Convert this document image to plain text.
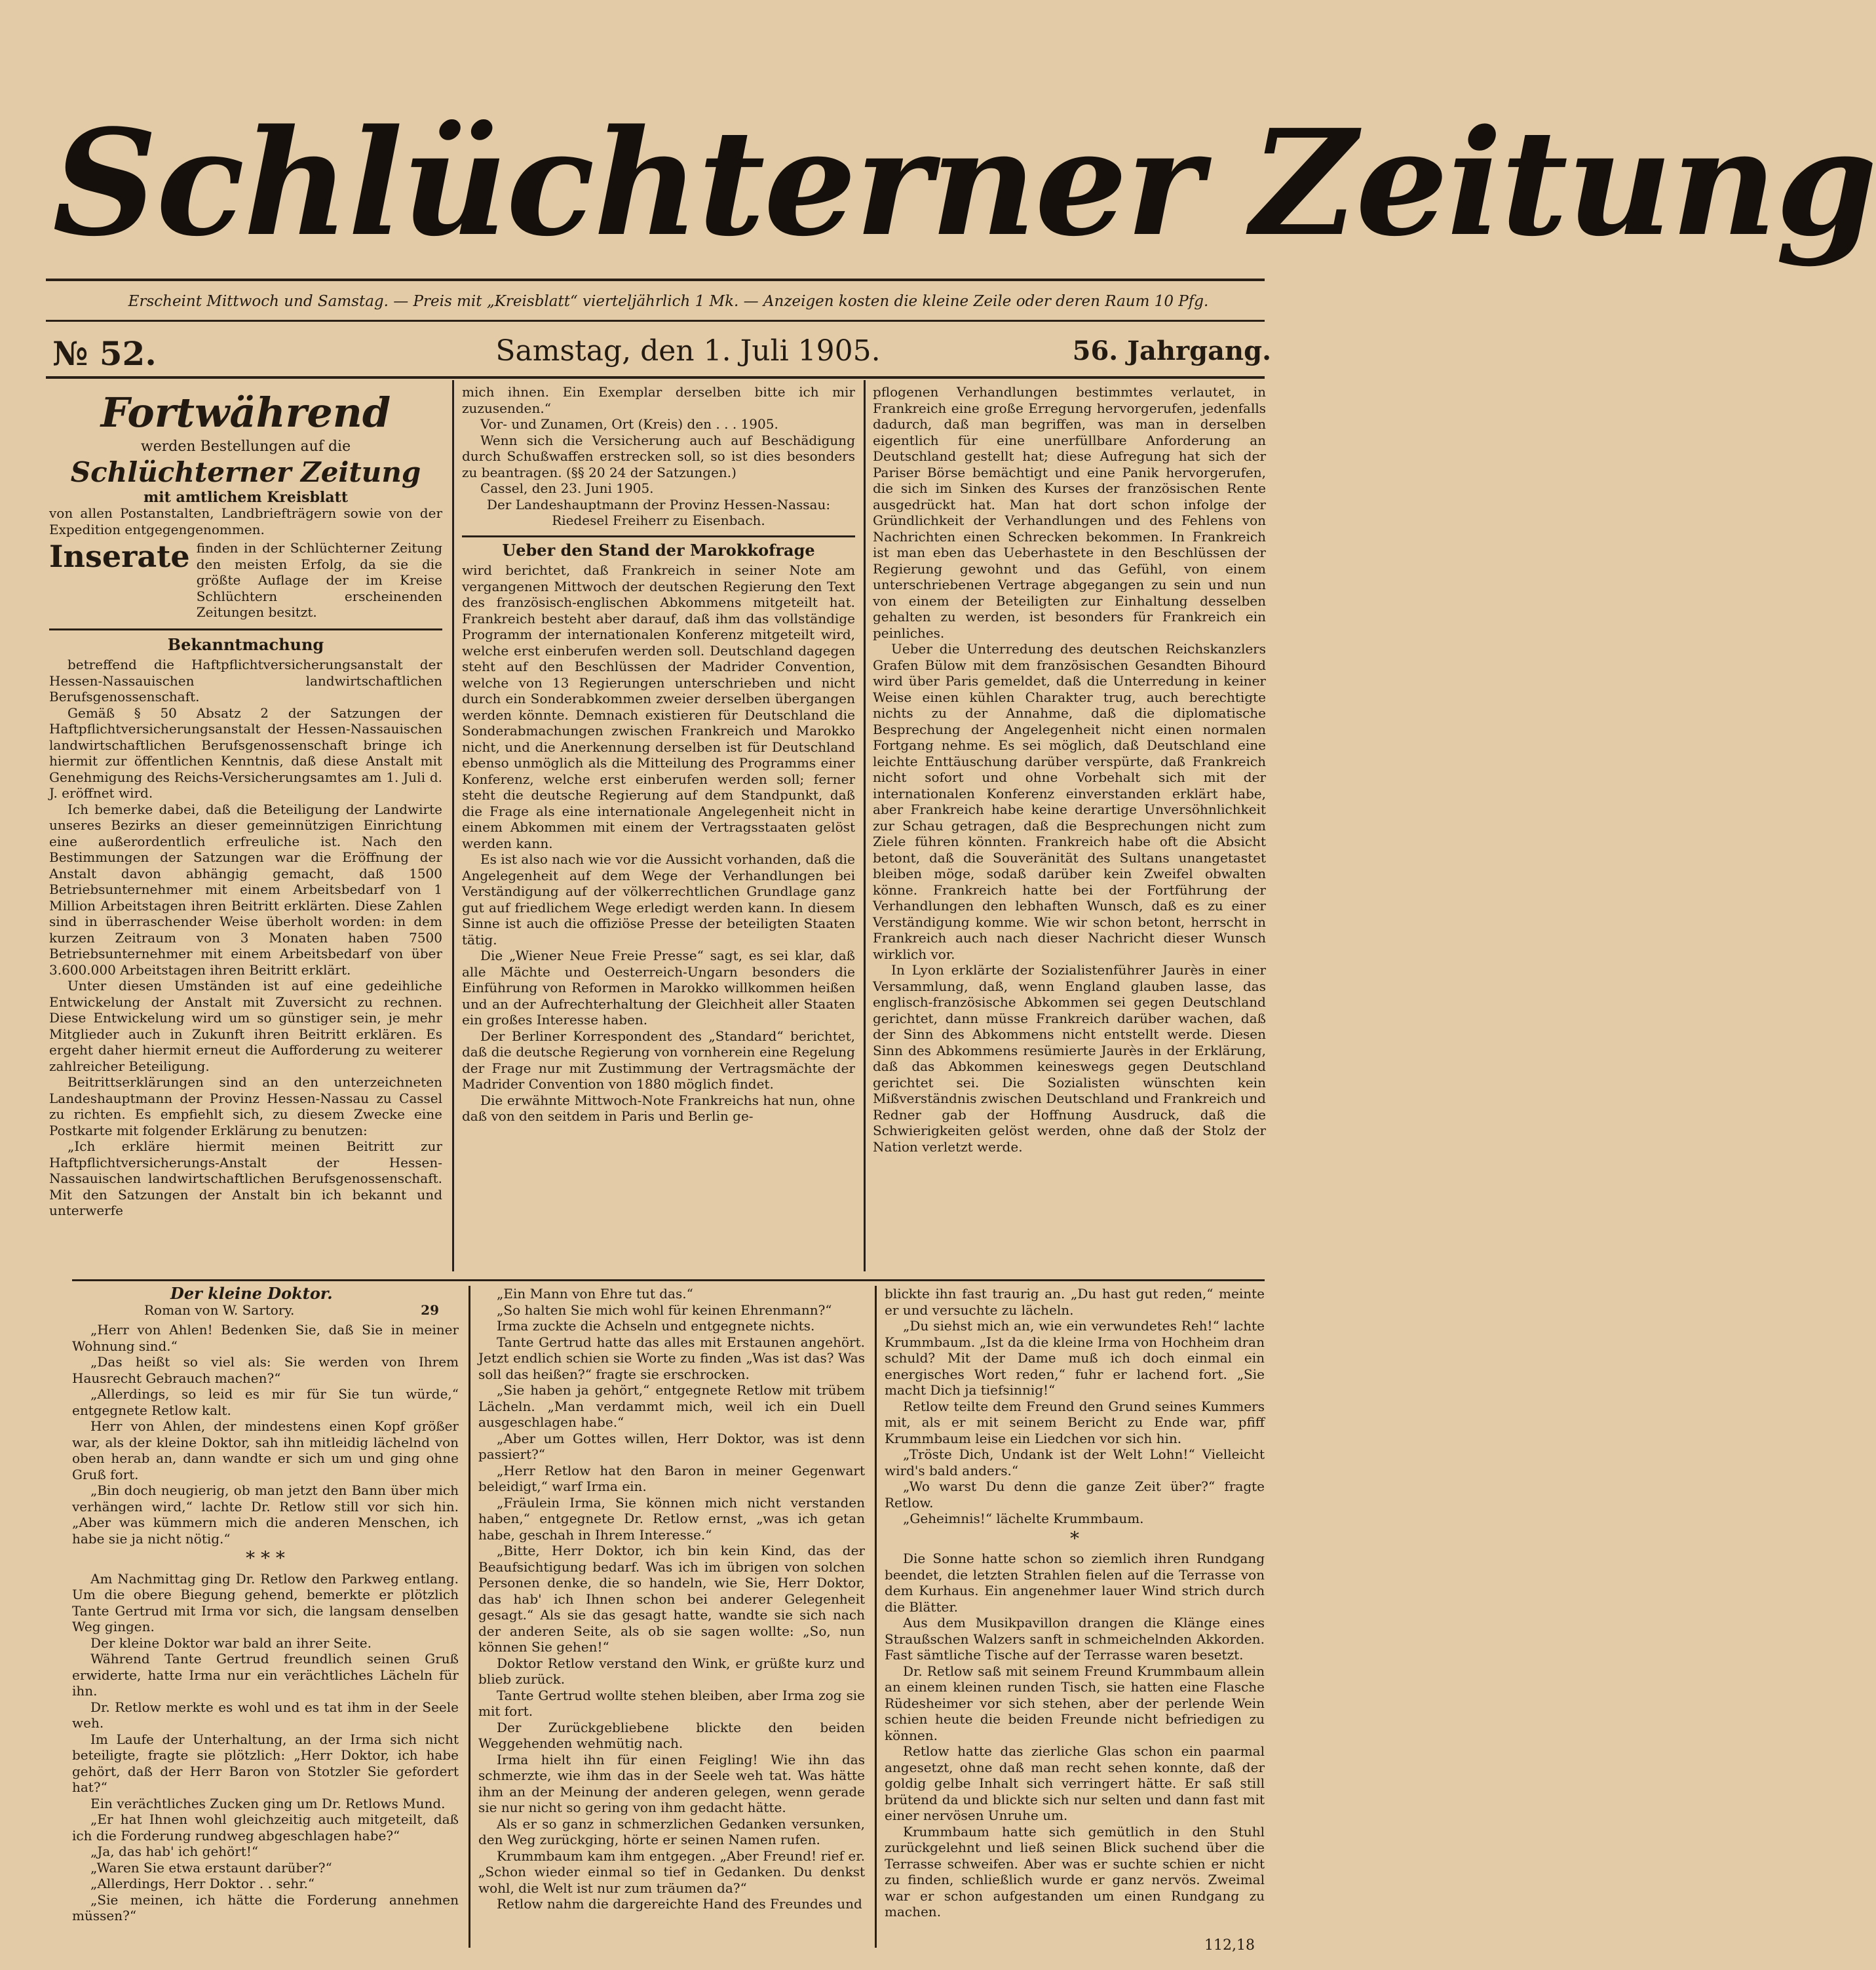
Schlüchterner Zeitung
Erscheint Mittwoch und Samstag. — Preis mit „Kreisblatt“ vierteljährlich 1 Mk. — Anzeigen kosten die kleine Zeile oder deren Raum 10 Pfg.
№ 52.	Samstag, den 1. Juli 1905.	56. Jahrgang.
Fortwährend
werden Bestellungen auf die
Schlüchterner Zeitung
mit amtlichem Kreisblatt

von allen Postanstalten, Landbriefträgern sowie von der Expedition entgegengenommen.

Inserate finden in der Schlüchterner Zeitung den meisten Erfolg, da sie die größte Auflage der im Kreise Schlüchtern erscheinenden Zeitungen besitzt.

Bekanntmachung

betreffend die Haftpflichtversicherungsanstalt der Hessen-Nassauischen landwirtschaftlichen Berufsgenossenschaft.

Gemäß § 50 Absatz 2 der Satzungen der Haftpflichtversicherungsanstalt der Hessen-Nassauischen landwirtschaftlichen Berufsgenossenschaft bringe ich hiermit zur öffentlichen Kenntnis, daß diese Anstalt mit Genehmigung des Reichs-Versicherungsamtes am 1. Juli d. J. eröffnet wird.

Ich bemerke dabei, daß die Beteiligung der Landwirte unseres Bezirks an dieser gemeinnützigen Einrichtung eine außerordentlich erfreuliche ist. Nach den Bestimmungen der Satzungen war die Eröffnung der Anstalt davon abhängig gemacht, daß 1500 Betriebsunternehmer mit einem Arbeitsbedarf von 1 Million Arbeitstagen ihren Beitritt erklärten. Diese Zahlen sind in überraschender Weise überholt worden: in dem kurzen Zeitraum von 3 Monaten haben 7500 Betriebsunternehmer mit einem Arbeitsbedarf von über 3.600.000 Arbeitstagen ihren Beitritt erklärt.

Unter diesen Umständen ist auf eine gedeihliche Entwickelung der Anstalt mit Zuversicht zu rechnen. Diese Entwickelung wird um so günstiger sein, je mehr Mitglieder auch in Zukunft ihren Beitritt erklären. Es ergeht daher hiermit erneut die Aufforderung zu weiterer zahlreicher Beteiligung.

Beitrittserklärungen sind an den unterzeichneten Landeshauptmann der Provinz Hessen-Nassau zu Cassel zu richten. Es empfiehlt sich, zu diesem Zwecke eine Postkarte mit folgender Erklärung zu benutzen:

„Ich erkläre hiermit meinen Beitritt zur Haftpflichtversicherungs-Anstalt der Hessen-Nassauischen landwirtschaftlichen Berufsgenossenschaft. Mit den Satzungen der Anstalt bin ich bekannt und unterwerfe

mich ihnen. Ein Exemplar derselben bitte ich mir zuzusenden.“

Vor- und Zunamen, Ort (Kreis) den . . . 1905.

Wenn sich die Versicherung auch auf Beschädigung durch Schußwaffen erstrecken soll, so ist dies besonders zu beantragen. (§§ 20 24 der Satzungen.)

Cassel, den 23. Juni 1905.

Der Landeshauptmann der Provinz Hessen-Nassau:
Riedesel Freiherr zu Eisenbach.
Ueber den Stand der Marokkofrage

wird berichtet, daß Frankreich in seiner Note am vergangenen Mittwoch der deutschen Regierung den Text des französisch-englischen Abkommens mitgeteilt hat. Frankreich besteht aber darauf, daß ihm das vollständige Programm der internationalen Konferenz mitgeteilt wird, welche erst einberufen werden soll. Deutschland dagegen steht auf den Beschlüssen der Madrider Convention, welche von 13 Regierungen unterschrieben und nicht durch ein Sonderabkommen zweier derselben übergangen werden könnte. Demnach existieren für Deutschland die Sonderabmachungen zwischen Frankreich und Marokko nicht, und die Anerkennung derselben ist für Deutschland ebenso unmöglich als die Mitteilung des Programms einer Konferenz, welche erst einberufen werden soll; ferner steht die deutsche Regierung auf dem Standpunkt, daß die Frage als eine internationale Angelegenheit nicht in einem Abkommen mit einem der Vertragsstaaten gelöst werden kann.

Es ist also nach wie vor die Aussicht vorhanden, daß die Angelegenheit auf dem Wege der Verhandlungen bei Verständigung auf der völkerrechtlichen Grundlage ganz gut auf friedlichem Wege erledigt werden kann. In diesem Sinne ist auch die offiziöse Presse der beteiligten Staaten tätig.

Die „Wiener Neue Freie Presse“ sagt, es sei klar, daß alle Mächte und Oesterreich-Ungarn besonders die Einführung von Reformen in Marokko willkommen heißen und an der Aufrechterhaltung der Gleichheit aller Staaten ein großes Interesse haben.

Der Berliner Korrespondent des „Standard“ berichtet, daß die deutsche Regierung von vornherein eine Regelung der Frage nur mit Zustimmung der Vertragsmächte der Madrider Convention von 1880 möglich findet.

Die erwähnte Mittwoch-Note Frankreichs hat nun, ohne daß von den seitdem in Paris und Berlin ge-

pflogenen Verhandlungen bestimmtes verlautet, in Frankreich eine große Erregung hervorgerufen, jedenfalls dadurch, daß man begriffen, was man in derselben eigentlich für eine unerfüllbare Anforderung an Deutschland gestellt hat; diese Aufregung hat sich der Pariser Börse bemächtigt und eine Panik hervorgerufen, die sich im Sinken des Kurses der französischen Rente ausgedrückt hat. Man hat dort schon infolge der Gründlichkeit der Verhandlungen und des Fehlens von Nachrichten einen Schrecken bekommen. In Frankreich ist man eben das Ueberhastete in den Beschlüssen der Regierung gewohnt und das Gefühl, von einem unterschriebenen Vertrage abgegangen zu sein und nun von einem der Beteiligten zur Einhaltung desselben gehalten zu werden, ist besonders für Frankreich ein peinliches.

Ueber die Unterredung des deutschen Reichskanzlers Grafen Bülow mit dem französischen Gesandten Bihourd wird über Paris gemeldet, daß die Unterredung in keiner Weise einen kühlen Charakter trug, auch berechtigte nichts zu der Annahme, daß die diplomatische Besprechung der Angelegenheit nicht einen normalen Fortgang nehme. Es sei möglich, daß Deutschland eine leichte Enttäuschung darüber verspürte, daß Frankreich nicht sofort und ohne Vorbehalt sich mit der internationalen Konferenz einverstanden erklärt habe, aber Frankreich habe keine derartige Unversöhnlichkeit zur Schau getragen, daß die Besprechungen nicht zum Ziele führen könnten. Frankreich habe oft die Absicht betont, daß die Souveränität des Sultans unangetastet bleiben möge, sodaß darüber kein Zweifel obwalten könne. Frankreich hatte bei der Fortführung der Verhandlungen den lebhaften Wunsch, daß es zu einer Verständigung komme. Wie wir schon betont, herrscht in Frankreich auch nach dieser Nachricht dieser Wunsch wirklich vor.

In Lyon erklärte der Sozialistenführer Jaurès in einer Versammlung, daß, wenn England glauben lasse, das englisch-französische Abkommen sei gegen Deutschland gerichtet, dann müsse Frankreich darüber wachen, daß der Sinn des Abkommens nicht entstellt werde. Diesen Sinn des Abkommens resümierte Jaurès in der Erklärung, daß das Abkommen keineswegs gegen Deutschland gerichtet sei. Die Sozialisten wünschten kein Mißverständnis zwischen Deutschland und Frankreich und Redner gab der Hoffnung Ausdruck, daß die Schwierigkeiten gelöst werden, ohne daß der Stolz der Nation verletzt werde.

Der kleine Doktor.
Roman von W. Sartory.	29

„Herr von Ahlen! Bedenken Sie, daß Sie in meiner Wohnung sind.“

„Das heißt so viel als: Sie werden von Ihrem Hausrecht Gebrauch machen?“

„Allerdings, so leid es mir für Sie tun würde,“ entgegnete Retlow kalt.

Herr von Ahlen, der mindestens einen Kopf größer war, als der kleine Doktor, sah ihn mitleidig lächelnd von oben herab an, dann wandte er sich um und ging ohne Gruß fort.

„Bin doch neugierig, ob man jetzt den Bann über mich verhängen wird,“ lachte Dr. Retlow still vor sich hin. „Aber was kümmern mich die anderen Menschen, ich habe sie ja nicht nötig.“

* * *

Am Nachmittag ging Dr. Retlow den Parkweg entlang. Um die obere Biegung gehend, bemerkte er plötzlich Tante Gertrud mit Irma vor sich, die langsam denselben Weg gingen.

Der kleine Doktor war bald an ihrer Seite.

Während Tante Gertrud freundlich seinen Gruß erwiderte, hatte Irma nur ein verächtliches Lächeln für ihn.

Dr. Retlow merkte es wohl und es tat ihm in der Seele weh.

Im Laufe der Unterhaltung, an der Irma sich nicht beteiligte, fragte sie plötzlich: „Herr Doktor, ich habe gehört, daß der Herr Baron von Stotzler Sie gefordert hat?“

Ein verächtliches Zucken ging um Dr. Retlows Mund.

„Er hat Ihnen wohl gleichzeitig auch mitgeteilt, daß ich die Forderung rundweg abgeschlagen habe?“

„Ja, das hab' ich gehört!“

„Waren Sie etwa erstaunt darüber?“

„Allerdings, Herr Doktor . . sehr.“

„Sie meinen, ich hätte die Forderung annehmen müssen?“

„Ein Mann von Ehre tut das.“

„So halten Sie mich wohl für keinen Ehrenmann?“

Irma zuckte die Achseln und entgegnete nichts.

Tante Gertrud hatte das alles mit Erstaunen angehört. Jetzt endlich schien sie Worte zu finden „Was ist das? Was soll das heißen?“ fragte sie erschrocken.

„Sie haben ja gehört,“ entgegnete Retlow mit trübem Lächeln. „Man verdammt mich, weil ich ein Duell ausgeschlagen habe.“

„Aber um Gottes willen, Herr Doktor, was ist denn passiert?“

„Herr Retlow hat den Baron in meiner Gegenwart beleidigt,“ warf Irma ein.

„Fräulein Irma, Sie können mich nicht verstanden haben,“ entgegnete Dr. Retlow ernst, „was ich getan habe, geschah in Ihrem Interesse.“

„Bitte, Herr Doktor, ich bin kein Kind, das der Beaufsichtigung bedarf. Was ich im übrigen von solchen Personen denke, die so handeln, wie Sie, Herr Doktor, das hab' ich Ihnen schon bei anderer Gelegenheit gesagt.“ Als sie das gesagt hatte, wandte sie sich nach der anderen Seite, als ob sie sagen wollte: „So, nun können Sie gehen!“

Doktor Retlow verstand den Wink, er grüßte kurz und blieb zurück.

Tante Gertrud wollte stehen bleiben, aber Irma zog sie mit fort.

Der Zurückgebliebene blickte den beiden Weggehenden wehmütig nach.

Irma hielt ihn für einen Feigling! Wie ihn das schmerzte, wie ihm das in der Seele weh tat. Was hätte ihm an der Meinung der anderen gelegen, wenn gerade sie nur nicht so gering von ihm gedacht hätte.

Als er so ganz in schmerzlichen Gedanken versunken, den Weg zurückging, hörte er seinen Namen rufen.

Krummbaum kam ihm entgegen. „Aber Freund! rief er. „Schon wieder einmal so tief in Gedanken. Du denkst wohl, die Welt ist nur zum träumen da?“

Retlow nahm die dargereichte Hand des Freundes und

blickte ihn fast traurig an. „Du hast gut reden,“ meinte er und versuchte zu lächeln.

„Du siehst mich an, wie ein verwundetes Reh!“ lachte Krummbaum. „Ist da die kleine Irma von Hochheim dran schuld? Mit der Dame muß ich doch einmal ein energisches Wort reden,“ fuhr er lachend fort. „Sie macht Dich ja tiefsinnig!“

Retlow teilte dem Freund den Grund seines Kummers mit, als er mit seinem Bericht zu Ende war, pfiff Krummbaum leise ein Liedchen vor sich hin.

„Tröste Dich, Undank ist der Welt Lohn!“ Vielleicht wird's bald anders.“

„Wo warst Du denn die ganze Zeit über?“ fragte Retlow.

„Geheimnis!“ lächelte Krummbaum.

*

Die Sonne hatte schon so ziemlich ihren Rundgang beendet, die letzten Strahlen fielen auf die Terrasse von dem Kurhaus. Ein angenehmer lauer Wind strich durch die Blätter.

Aus dem Musikpavillon drangen die Klänge eines Straußschen Walzers sanft in schmeichelnden Akkorden. Fast sämtliche Tische auf der Terrasse waren besetzt.

Dr. Retlow saß mit seinem Freund Krummbaum allein an einem kleinen runden Tisch, sie hatten eine Flasche Rüdesheimer vor sich stehen, aber der perlende Wein schien heute die beiden Freunde nicht befriedigen zu können.

Retlow hatte das zierliche Glas schon ein paarmal angesetzt, ohne daß man recht sehen konnte, daß der goldig gelbe Inhalt sich verringert hätte. Er saß still brütend da und blickte sich nur selten und dann fast mit einer nervösen Unruhe um.

Krummbaum hatte sich gemütlich in den Stuhl zurückgelehnt und ließ seinen Blick suchend über die Terrasse schweifen. Aber was er suchte schien er nicht zu finden, schließlich wurde er ganz nervös. Zweimal war er schon aufgestanden um einen Rundgang zu machen.

112,18
